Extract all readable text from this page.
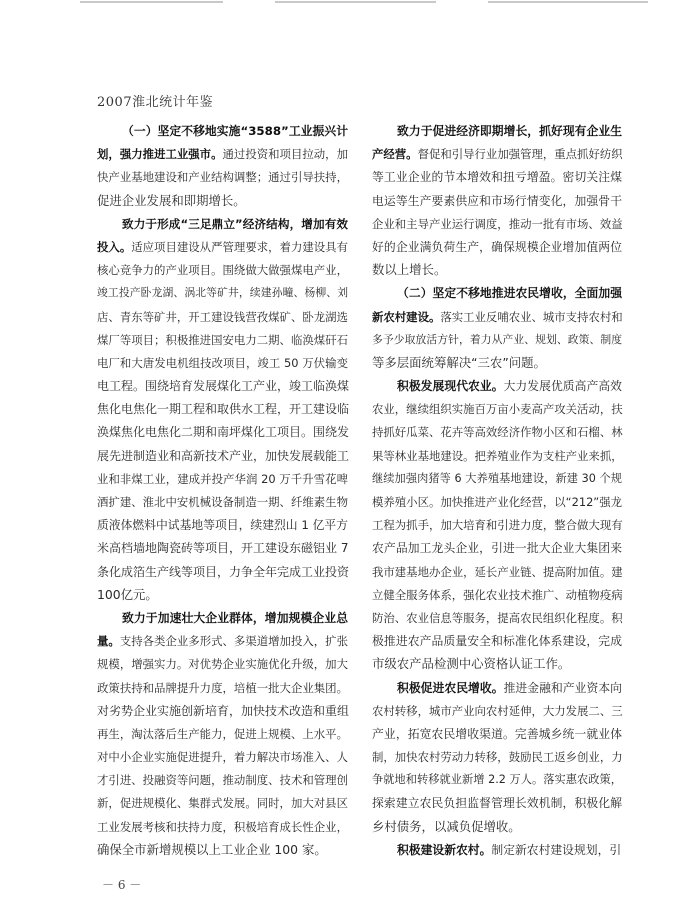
2007淮北统计年鉴
（一）坚定不移地实施“3588”工业振兴计
划，强力推进工业强市。通过投资和项目拉动，加
快产业基地建设和产业结构调整；通过引导扶持，
促进企业发展和即期增长。
致力于形成“三足鼎立”经济结构，增加有效
投入。适应项目建设从严管理要求，着力建设具有
核心竞争力的产业项目。围绕做大做强煤电产业，
竣工投产卧龙湖、涡北等矿井，续建孙疃、杨柳、刘
店、青东等矿井，开工建设钱营孜煤矿、卧龙湖选
煤厂等项目；积极推进国安电力二期、临涣煤矸石
电厂和大唐发电机组技改项目，竣工 50 万伏输变
电工程。围绕培育发展煤化工产业，竣工临涣煤
焦化电焦化一期工程和取供水工程，开工建设临
涣煤焦化电焦化二期和南坪煤化工项目。围绕发
展先进制造业和高新技术产业，加快发展载能工
业和非煤工业，建成并投产华润 20 万千升雪花啤
酒扩建、淮北中安机械设备制造一期、纤维素生物
质液体燃料中试基地等项目，续建烈山 1 亿平方
米高档墙地陶瓷砖等项目，开工建设东磁铝业 7
条化成箔生产线等项目，力争全年完成工业投资
100亿元。
致力于加速壮大企业群体，增加规模企业总
量。支持各类企业多形式、多渠道增加投入，扩张
规模，增强实力。对优势企业实施优化升级，加大
政策扶持和品牌提升力度，培植一批大企业集团。
对劣势企业实施创新培育，加快技术改造和重组
再生，淘汰落后生产能力，促进上规模、上水平。
对中小企业实施促进提升，着力解决市场准入、人
才引进、投融资等问题，推动制度、技术和管理创
新，促进规模化、集群式发展。同时，加大对县区
工业发展考核和扶持力度，积极培育成长性企业，
确保全市新增规模以上工业企业 100 家。
致力于促进经济即期增长，抓好现有企业生
产经营。督促和引导行业加强管理，重点抓好纺织
等工业企业的节本增效和扭亏增盈。密切关注煤
电运等生产要素供应和市场行情变化，加强骨干
企业和主导产业运行调度，推动一批有市场、效益
好的企业满负荷生产，确保规模企业增加值两位
数以上增长。
（二）坚定不移地推进农民增收，全面加强
新农村建设。落实工业反哺农业、城市支持农村和
多予少取放活方针，着力从产业、规划、政策、制度
等多层面统筹解决“三农”问题。
积极发展现代农业。大力发展优质高产高效
农业，继续组织实施百万亩小麦高产攻关活动，扶
持抓好瓜菜、花卉等高效经济作物小区和石榴、林
果等林业基地建设。把养殖业作为支柱产业来抓，
继续加强肉猪等 6 大养殖基地建设，新建 30 个规
模养殖小区。加快推进产业化经营，以“212”强龙
工程为抓手，加大培育和引进力度，整合做大现有
农产品加工龙头企业，引进一批大企业大集团来
我市建基地办企业，延长产业链、提高附加值。建
立健全服务体系，强化农业技术推广、动植物疫病
防治、农业信息等服务，提高农民组织化程度。积
极推进农产品质量安全和标准化体系建设，完成
市级农产品检测中心资格认证工作。
积极促进农民增收。推进金融和产业资本向
农村转移，城市产业向农村延伸，大力发展二、三
产业，拓宽农民增收渠道。完善城乡统一就业体
制，加快农村劳动力转移，鼓励民工返乡创业，力
争就地和转移就业新增 2.2 万人。落实惠农政策，
探索建立农民负担监督管理长效机制，积极化解
乡村债务，以减负促增收。
积极建设新农村。制定新农村建设规划，引
－ 6 －
